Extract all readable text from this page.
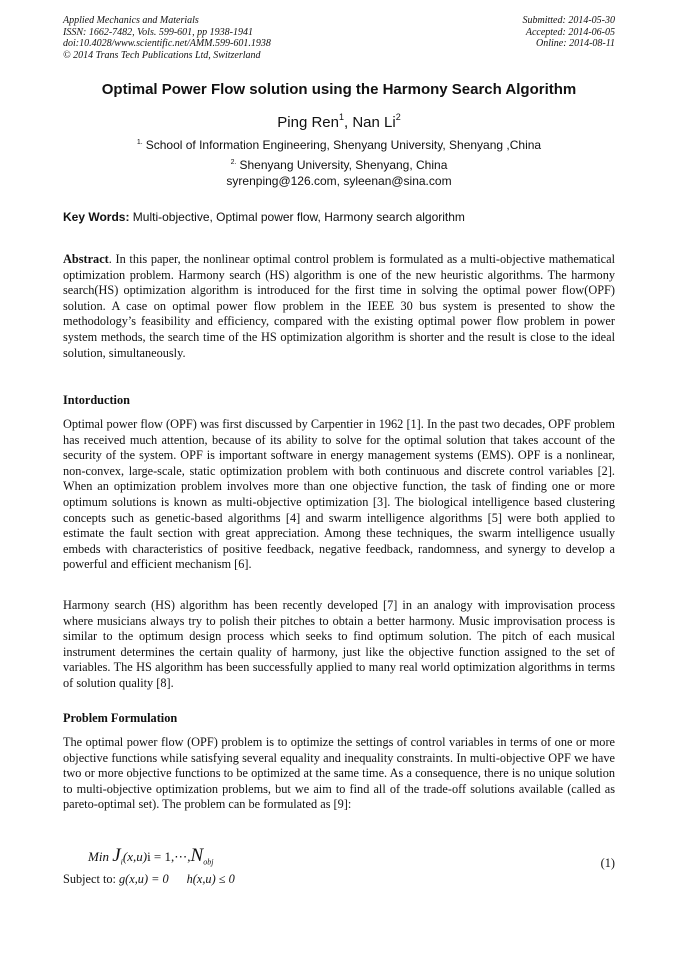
Applied Mechanics and Materials
ISSN: 1662-7482, Vols. 599-601, pp 1938-1941
doi:10.4028/www.scientific.net/AMM.599-601.1938
© 2014 Trans Tech Publications Ltd, Switzerland
Submitted: 2014-05-30
Accepted: 2014-06-05
Online: 2014-08-11
Optimal Power Flow solution using the Harmony Search Algorithm
Ping Ren$^1$, Nan Li$^2$
$^{1.}$ School of Information Engineering, Shenyang University, Shenyang ,China
$^{2.}$ Shenyang University, Shenyang, China
syrenping@126.com, syleenan@sina.com
Key Words: Multi-objective, Optimal power flow, Harmony search algorithm
Abstract. In this paper, the nonlinear optimal control problem is formulated as a multi-objective mathematical optimization problem. Harmony search (HS) algorithm is one of the new heuristic algorithms. The harmony search(HS) optimization algorithm is introduced for the first time in solving the optimal power flow(OPF) solution. A case on optimal power flow problem in the IEEE 30 bus system is presented to show the methodology’s feasibility and efficiency, compared with the existing optimal power flow problem in power system methods, the search time of the HS optimization algorithm is shorter and the result is close to the ideal solution, simultaneously.
Intorduction
Optimal power flow (OPF) was first discussed by Carpentier in 1962 [1]. In the past two decades, OPF problem has received much attention, because of its ability to solve for the optimal solution that takes account of the security of the system. OPF is important software in energy management systems (EMS). OPF is a nonlinear, non-convex, large-scale, static optimization problem with both continuous and discrete control variables [2]. When an optimization problem involves more than one objective function, the task of finding one or more optimum solutions is known as multi-objective optimization [3]. The biological intelligence based clustering concepts such as genetic-based algorithms [4] and swarm intelligence algorithms [5] were both applied to estimate the fault section with great appreciation. Among these techniques, the swarm intelligence usually embeds with characteristics of positive feedback, negative feedback, randomness, and synergy to develop a powerful and efficient mechanism [6].
Harmony search (HS) algorithm has been recently developed [7] in an analogy with improvisation process where musicians always try to polish their pitches to obtain a better harmony. Music improvisation process is similar to the optimum design process which seeks to find optimum solution. The pitch of each musical instrument determines the certain quality of harmony, just like the objective function assigned to the set of variables. The HS algorithm has been successfully applied to many real world optimization algorithms in terms of solution quality [8].
Problem Formulation
The optimal power flow (OPF) problem is to optimize the settings of control variables in terms of one or more objective functions while satisfying several equality and inequality constraints. In multi-objective OPF we have two or more objective functions to be optimized at the same time. As a consequence, there is no unique solution to multi-objective optimization problems, but we aim to find all of the trade-off solutions available (called as pareto-optimal set). The problem can be formulated as [9]:
Min $J_i(x,u)i$ = $1,\cdots,N_{obj}$	(1)
Subject to: g(x,u) = 0 h(x,u) ≤ 0
